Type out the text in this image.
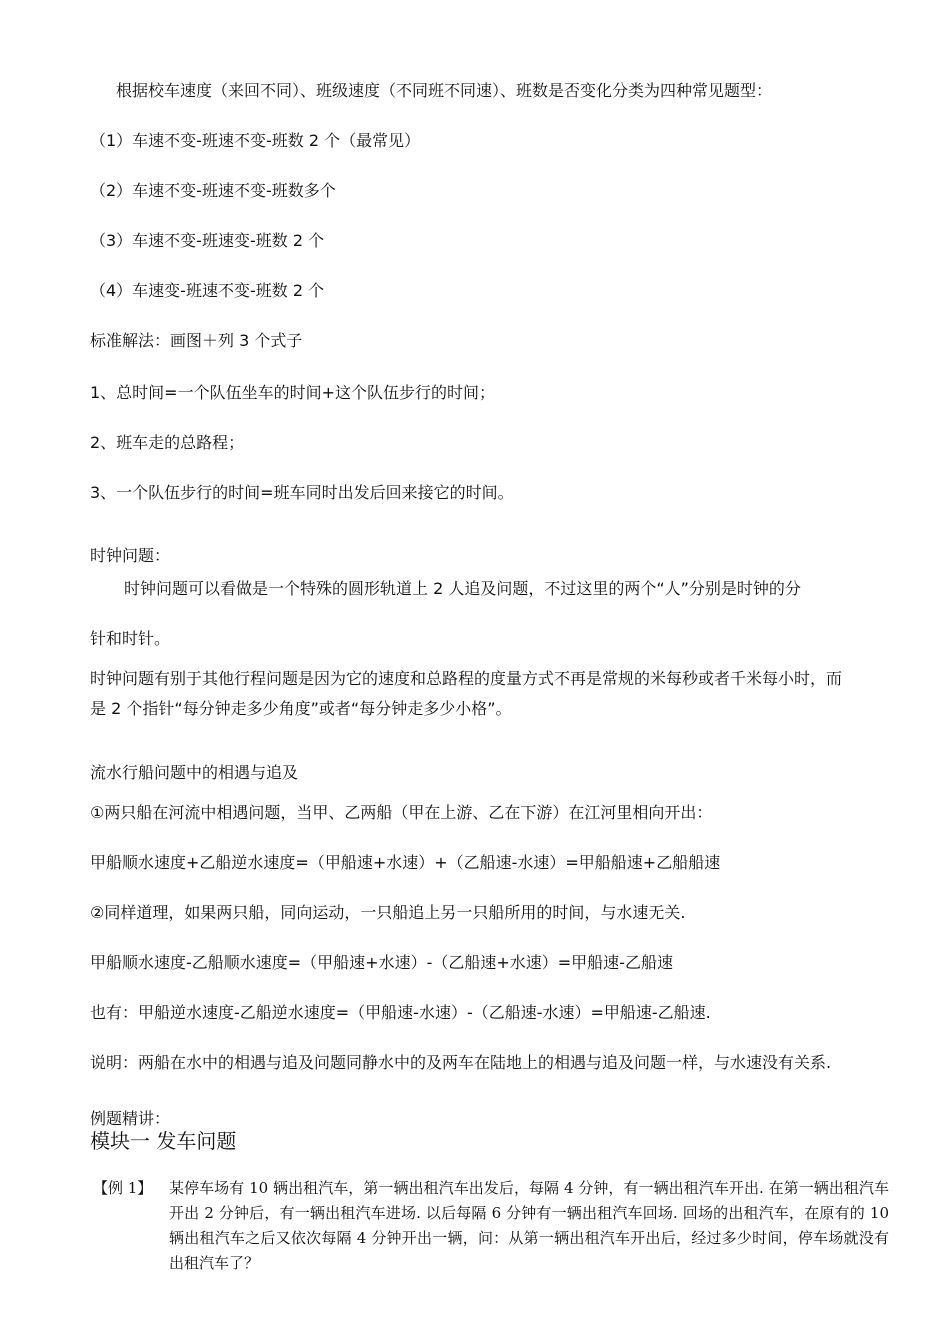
根据校车速度（来回不同）、班级速度（不同班不同速）、班数是否变化分类为四种常见题型：
（1）车速不变-班速不变-班数 2 个（最常见）
（2）车速不变-班速不变-班数多个
（3）车速不变-班速变-班数 2 个
（4）车速变-班速不变-班数 2 个
标准解法：画图＋列 3 个式子
1、总时间=一个队伍坐车的时间+这个队伍步行的时间；
2、班车走的总路程；
3、一个队伍步行的时间=班车同时出发后回来接它的时间。
时钟问题：
时钟问题可以看做是一个特殊的圆形轨道上 2 人追及问题，不过这里的两个“人”分别是时钟的分
针和时针。
时钟问题有别于其他行程问题是因为它的速度和总路程的度量方式不再是常规的米每秒或者千米每小时，而
是 2 个指针“每分钟走多少角度”或者“每分钟走多少小格”。
流水行船问题中的相遇与追及
①两只船在河流中相遇问题，当甲、乙两船（甲在上游、乙在下游）在江河里相向开出：
甲船顺水速度+乙船逆水速度=（甲船速+水速）+（乙船速-水速）=甲船船速+乙船船速
②同样道理，如果两只船，同向运动，一只船追上另一只船所用的时间，与水速无关.
甲船顺水速度-乙船顺水速度=（甲船速+水速）-（乙船速+水速）=甲船速-乙船速
也有：甲船逆水速度-乙船逆水速度=（甲船速-水速）-（乙船速-水速）=甲船速-乙船速.
说明：两船在水中的相遇与追及问题同静水中的及两车在陆地上的相遇与追及问题一样，与水速没有关系.
例题精讲：
模块一 发车问题
【例 1】 某停车场有 10 辆出租汽车，第一辆出租汽车出发后，每隔 4 分钟，有一辆出租汽车开出. 在第一辆出租汽车开出 2 分钟后，有一辆出租汽车进场. 以后每隔 6 分钟有一辆出租汽车回场. 回场的出租汽车，在原有的 10 辆出租汽车之后又依次每隔 4 分钟开出一辆，问：从第一辆出租汽车开出后，经过多少时间，停车场就没有出租汽车了？
